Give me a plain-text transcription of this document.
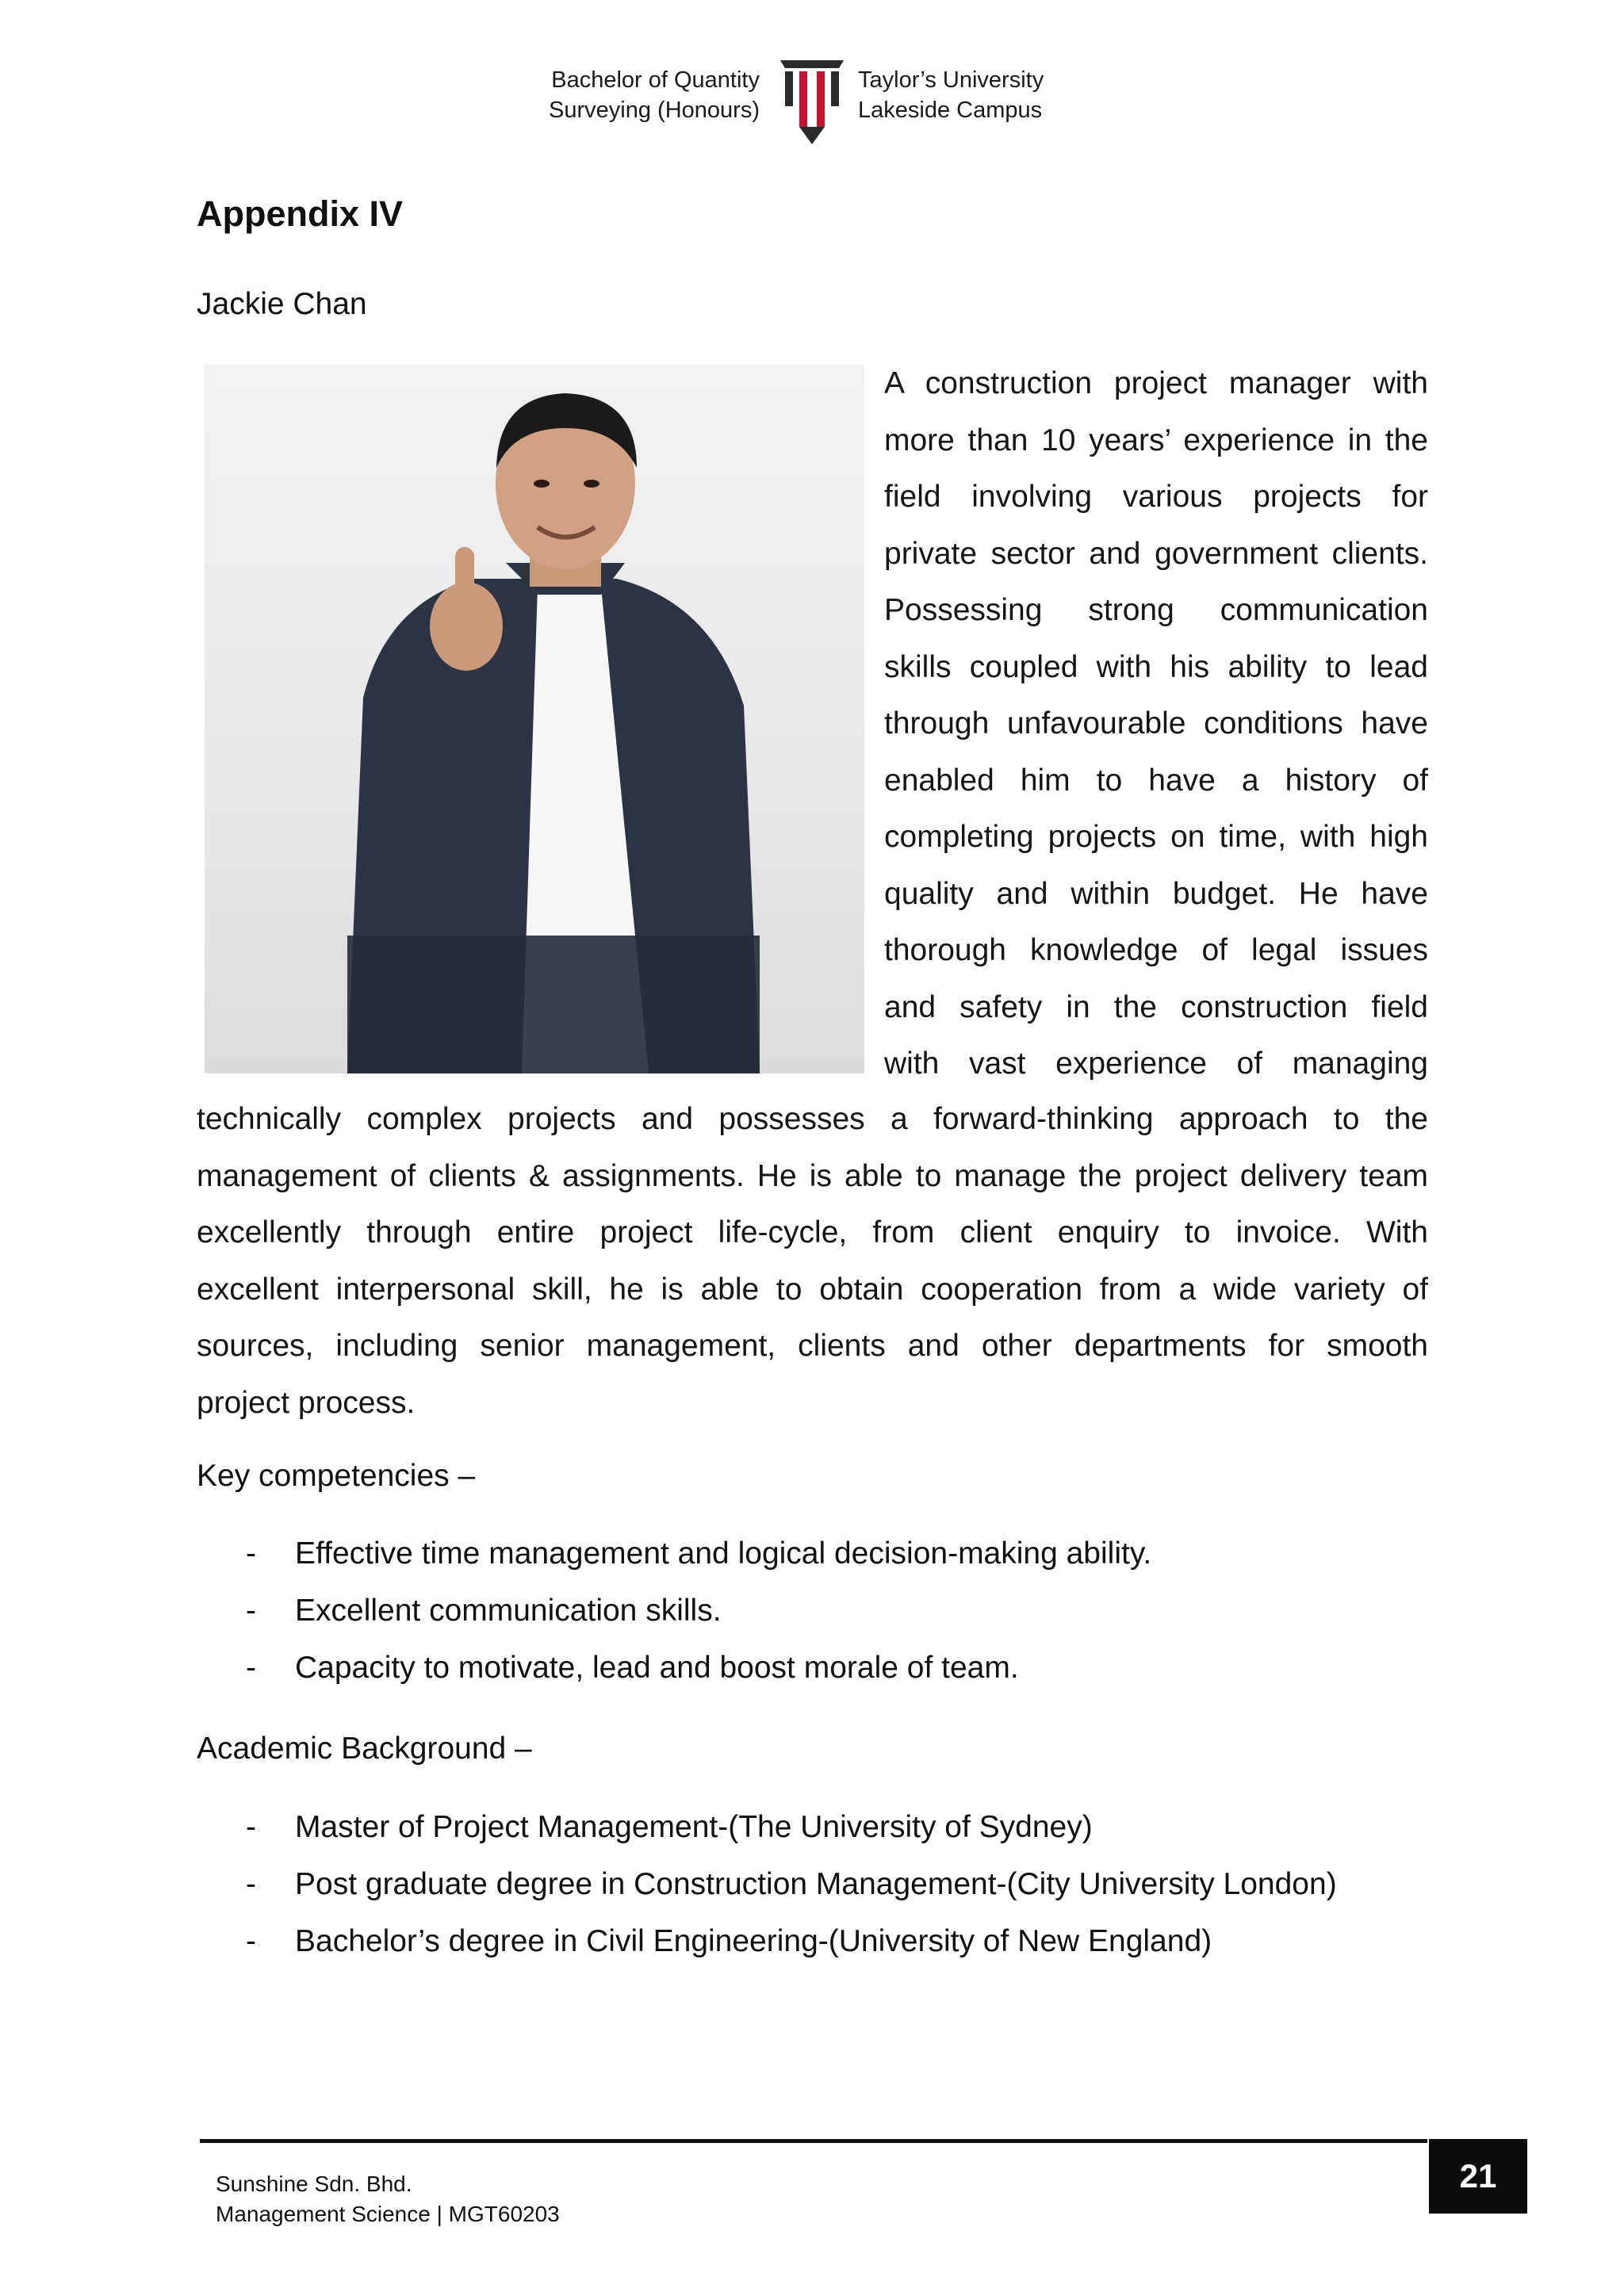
Bachelor of Quantity
Surveying (Honours)
Taylor’s University
Lakeside Campus
Appendix IV
Jackie Chan
A construction project manager with
more than 10 years’ experience in the
field involving various projects for
private sector and government clients.
Possessing strong communication
skills coupled with his ability to lead
through unfavourable conditions have
enabled him to have a history of
completing projects on time, with high
quality and within budget. He have
thorough knowledge of legal issues
and safety in the construction field
with vast experience of managing
technically complex projects and possesses a forward-thinking approach to the
management of clients & assignments. He is able to manage the project delivery team
excellently through entire project life-cycle, from client enquiry to invoice. With
excellent interpersonal skill, he is able to obtain cooperation from a wide variety of
sources, including senior management, clients and other departments for smooth
project process.
Key competencies –
- Effective time management and logical decision-making ability.
- Excellent communication skills.
- Capacity to motivate, lead and boost morale of team.
Academic Background –
- Master of Project Management-(The University of Sydney)
- Post graduate degree in Construction Management-(City University London)
- Bachelor’s degree in Civil Engineering-(University of New England)
Sunshine Sdn. Bhd.
Management Science | MGT60203
21
